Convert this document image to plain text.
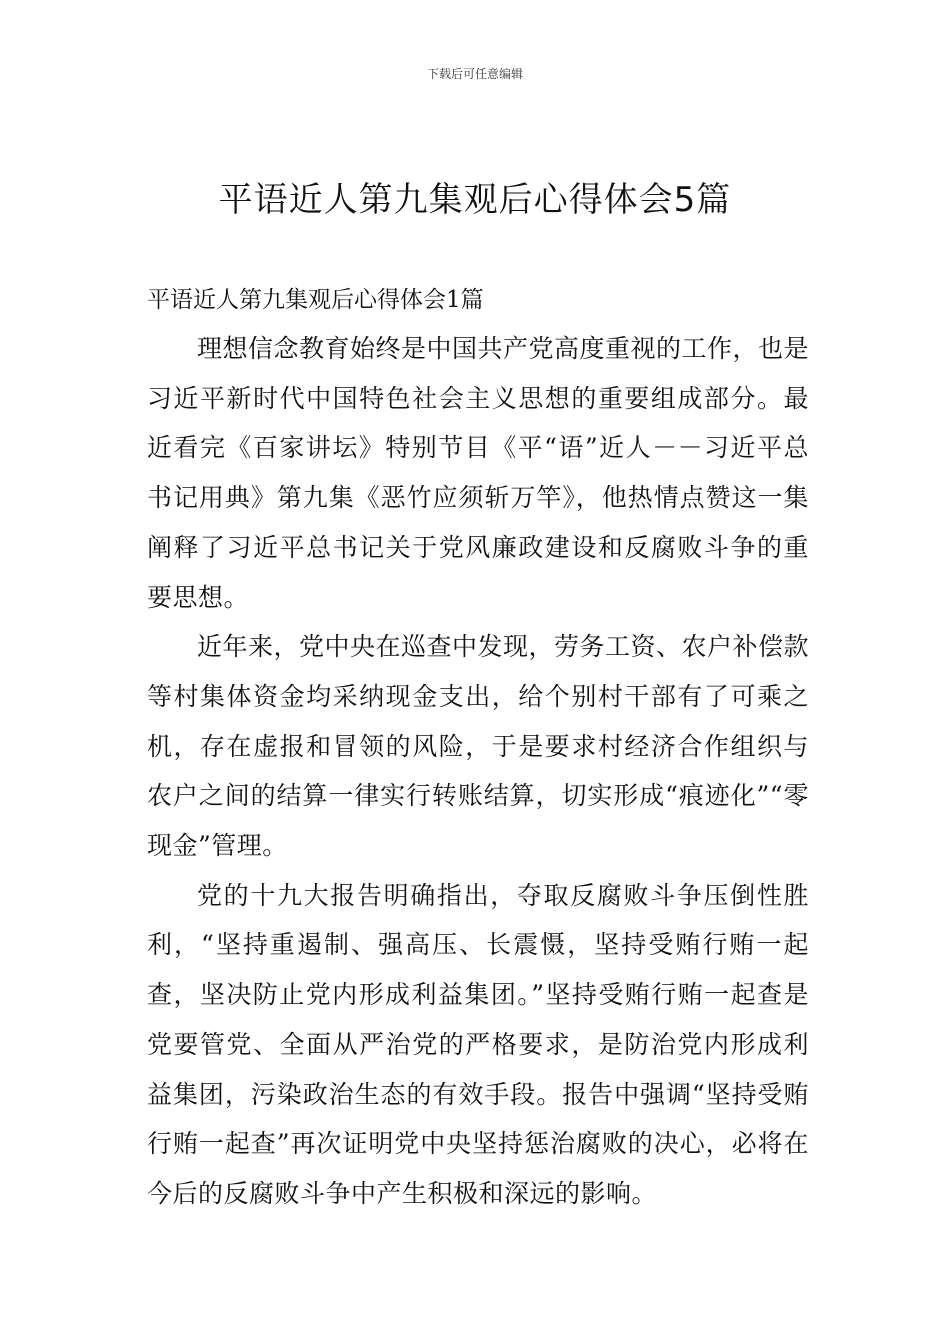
下载后可任意编辑
平语近人第九集观后心得体会5篇

平语近人第九集观后心得体会1篇

理想信念教育始终是中国共产党高度重视的工作，也是习近平新时代中国特色社会主义思想的重要组成部分。最近看完《百家讲坛》特别节目《平“语”近人－－习近平总书记用典》第九集《恶竹应须斩万竿》，他热情点赞这一集阐释了习近平总书记关于党风廉政建设和反腐败斗争的重要思想。

近年来，党中央在巡查中发现，劳务工资、农户补偿款等村集体资金均采纳现金支出，给个别村干部有了可乘之机，存在虚报和冒领的风险，于是要求村经济合作组织与农户之间的结算一律实行转账结算，切实形成“痕迹化”“零现金”管理。

党的十九大报告明确指出，夺取反腐败斗争压倒性胜利，“坚持重遏制、强高压、长震慑，坚持受贿行贿一起查，坚决防止党内形成利益集团。”坚持受贿行贿一起查是党要管党、全面从严治党的严格要求，是防治党内形成利益集团，污染政治生态的有效手段。报告中强调“坚持受贿行贿一起查”再次证明党中央坚持惩治腐败的决心，必将在今后的反腐败斗争中产生积极和深远的影响。
